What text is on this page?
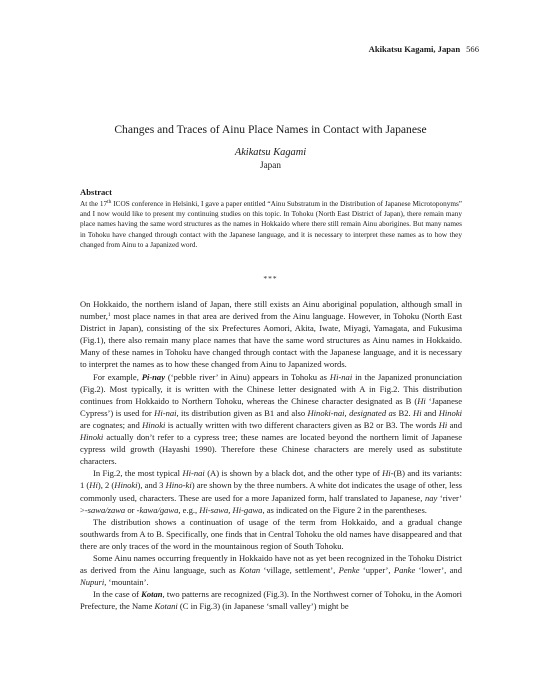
Akikatsu Kagami, Japan 566
Changes and Traces of Ainu Place Names in Contact with Japanese
Akikatsu Kagami
Japan
Abstract
At the 17th ICOS conference in Helsinki, I gave a paper entitled “Ainu Substratum in the Distribution of Japanese Microtoponyms” and I now would like to present my continuing studies on this topic. In Tohoku (North East District of Japan), there remain many place names having the same word structures as the names in Hokkaido where there still remain Ainu aborigines. But many names in Tohoku have changed through contact with the Japanese language, and it is necessary to interpret these names as to how they changed from Ainu to a Japanized word.
***

On Hokkaido, the northern island of Japan, there still exists an Ainu aboriginal population, although small in number,$^1$ most place names in that area are derived from the Ainu language. However, in Tohoku (North East District in Japan), consisting of the six Prefectures Aomori, Akita, Iwate, Miyagi, Yamagata, and Fukusima (Fig.1), there also remain many place names that have the same word structures as Ainu names in Hokkaido. Many of these names in Tohoku have changed through contact with the Japanese language, and it is necessary to interpret the names as to how these changed from Ainu to Japanized words.

For example, Pi-nay (‘pebble river’ in Ainu) appears in Tohoku as Hi-nai in the Japanized pronunciation (Fig.2). Most typically, it is written with the Chinese letter designated with A in Fig.2. This distribution continues from Hokkaido to Northern Tohoku, whereas the Chinese character designated as B (Hi ‘Japanese Cypress’) is used for Hi-nai, its distribution given as B1 and also Hinoki-nai, designated as B2. Hi and Hinoki are cognates; and Hinoki is actually written with two different characters given as B2 or B3. The words Hi and Hinoki actually don’t refer to a cypress tree; these names are located beyond the northern limit of Japanese cypress wild growth (Hayashi 1990). Therefore these Chinese characters are merely used as substitute characters.

In Fig.2, the most typical Hi-nai (A) is shown by a black dot, and the other type of Hi-(B) and its variants: 1 (Hi), 2 (Hinoki), and 3 Hino-ki) are shown by the three numbers. A white dot indicates the usage of other, less commonly used, characters. These are used for a more Japanized form, half translated to Japanese, nay ‘river’ >-sawa/zawa or -kawa/gawa, e.g., Hi-sawa, Hi-gawa, as indicated on the Figure 2 in the parentheses.

The distribution shows a continuation of usage of the term from Hokkaido, and a gradual change southwards from A to B. Specifically, one finds that in Central Tohoku the old names have disappeared and that there are only traces of the word in the mountainous region of South Tohoku.

Some Ainu names occurring frequently in Hokkaido have not as yet been recognized in the Tohoku District as derived from the Ainu language, such as Kotan ‘village, settlement’, Penke ‘upper’, Panke ‘lower’, and Nupuri, ‘mountain’.

In the case of Kotan, two patterns are recognized (Fig.3). In the Northwest corner of Tohoku, in the Aomori Prefecture, the Name Kotani (C in Fig.3) (in Japanese ‘small valley’) might be
